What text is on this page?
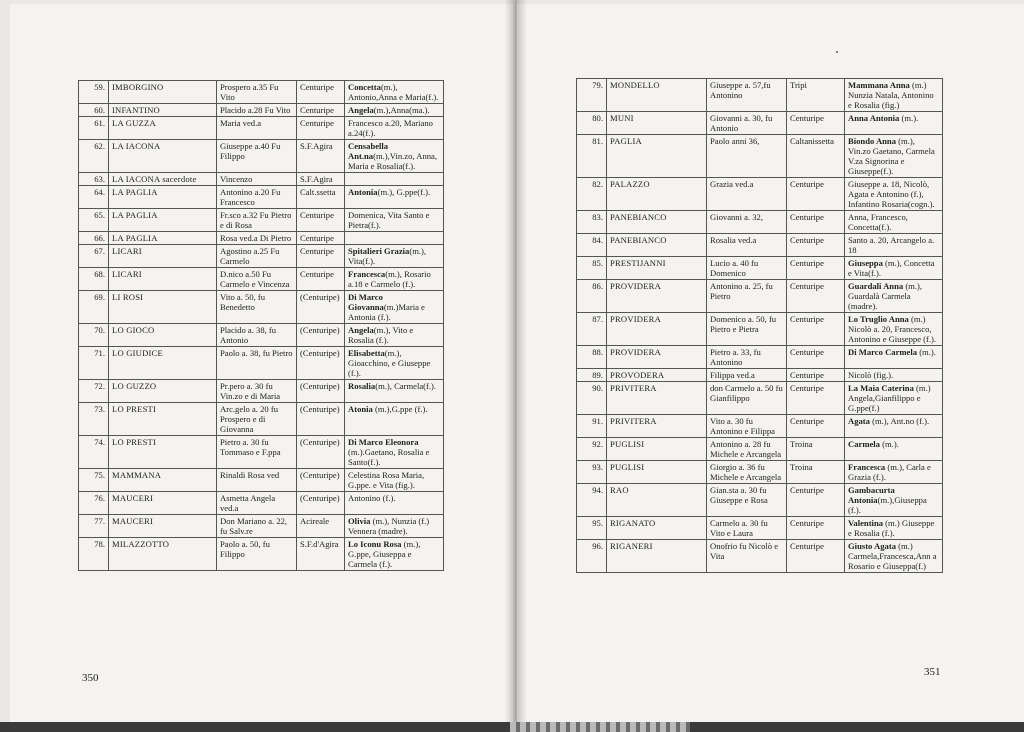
59.	IMBORGINO	Prospero a.35 Fu Vito	Centuripe	Concetta(m.), Antonio,Anna e Maria(f.).
60.	INFANTINO	Placido a.28 Fu Vito	Centuripe	Angela(m.),Anna(ma.).
61.	LA GUZZA	Maria ved.a	Centuripe	Francesco a.20, Mariano a.24(f.).
62.	LA IACONA	Giuseppe a.40 Fu Filippo	S.F.Agira	Censabella Ant.na(m.),Vin.zo, Anna, Maria e Rosalia(f.).
63.	LA IACONA sacerdote	Vincenzo	S.F.Agira	
64.	LA PAGLIA	Antonino a.20 Fu Francesco	Calt.ssetta	Antonia(m.), G.ppe(f.).
65.	LA PAGLIA	Fr.sco a.32 Fu Pietro e di Rosa	Centuripe	Domenica, Vita Santo e Pietra(f.).
66.	LA PAGLIA	Rosa ved.a Di Pietro	Centuripe	
67.	LICARI	Agostino a.25 Fu Carmelo	Centuripe	Spitalieri Grazia(m.), Vita(f.).
68.	LICARI	D.nico a.50 Fu Carmelo e Vincenza	Centuripe	Francesca(m.), Rosario a.18 e Carmelo (f.).
69.	LI ROSI	Vito a. 50, fu Benedetto	(Centuripe)	Di Marco Giovanna(m.)Maria e Antonia (f.).
70.	LO GIOCO	Placido a. 38, fu Antonio	(Centuripe)	Angela(m.), Vito e Rosalia (f.).
71.	LO GIUDICE	Paolo a. 38, fu Pietro	(Centuripe)	Elisabetta(m.), Gioacchino, e Giuseppe (f.).
72.	LO GUZZO	Pr.pero a. 30 fu Vin.zo e di Maria	(Centuripe)	Rosalia(m.), Carmela(f.).
73.	LO PRESTI	Arc.gelo a. 20 fu Prospero e di Giovanna	(Centuripe)	Atonia (m.),G.ppe (f.).
74.	LO PRESTI	Pietro a. 30 fu Tommaso e F.ppa	(Centuripe)	Di Marco Eleonora (m.).Gaetano, Rosalia e Santo(f.).
75.	MAMMANA	Rinaldi Rosa ved	(Centuripe)	Celestina Rosa Maria, G.ppe. e Vita (fig.).
76.	MAUCERI	Asmetta Angela ved.a	(Centuripe)	Antonino (f.).
77.	MAUCERI	Don Mariano a. 22, fu Salv.re	Acireale	Olivia (m.), Nunzia (f.) Vennera (madre).
78.	MILAZZOTTO	Paolo a. 50, fu Filippo	S.F.d'Agira	Lo Iconu Rosa (m.), G.ppe, Giuseppa e Carmela (f.).
350
79.	MONDELLO	Giuseppe a. 57,fu Antonino	Tripi	Mammana Anna (m.) Nunzia Natala, Antonino e Rosalia (fig.)
80.	MUNI	Giovanni a. 30, fu Antonio	Centuripe	Anna Antonia (m.).
81.	PAGLIA	Paolo anni 36,	Caltanissetta	Biondo Anna (m.), Vin.zo Gaetano, Carmela V.za Signorina e Giuseppe(f.).
82.	PALAZZO	Grazia ved.a	Centuripe	Giuseppe a. 18, Nicolò, Agata e Antonino (f.), Infantino Rosaria(cogn.).
83.	PANEBIANCO	Giovanni a. 32,	Centuripe	Anna, Francesco, Concetta(f.).
84.	PANEBIANCO	Rosalia ved.a	Centuripe	Santo a. 20, Arcangelo a. 18
85.	PRESTIJANNI	Lucio a. 40 fu Domenico	Centuripe	Giuseppa (m.), Concetta e Vita(f.).
86.	PROVIDERA	Antonino a. 25, fu Pietro	Centuripe	Guardali Anna (m.), Guardalà Carmela (madre).
87.	PROVIDERA	Domenico a. 50, fu Pietro e Pietra	Centuripe	Lo Truglio Anna (m.) Nicolò a. 20, Francesco, Antonino e Giuseppe (f.).
88.	PROVIDERA	Pietro a. 33, fu Antonino	Centuripe	Di Marco Carmela (m.).
89.	PROVODERA	Filippa ved.a	Centuripe	Nicolò (fig.).
90.	PRIVITERA	don Carmelo a. 50 fu Gianfilippo	Centuripe	La Maia Caterina (m.) Angela,Gianfilippo e G.ppe(f.)
91.	PRIVITERA	Vito a. 30 fu Antonino e Filippa	Centuripe	Agata (m.), Ant.no (f.).
92.	PUGLISI	Antonino a. 28 fu Michele e Arcangela	Troina	Carmela (m.).
93.	PUGLISI	Giorgio a. 36 fu Michele e Arcangela	Troina	Francesca (m.), Carla e Grazia (f.).
94.	RAO	Gian.sta a. 30 fu Giuseppe e Rosa	Centuripe	Gambacurta Antonia(m.),Giuseppa (f.).
95.	RIGANATO	Carmelo a. 30 fu Vito e Laura	Centuripe	Valentina (m.) Giuseppe e Rosalia (f.).
96.	RIGANERI	Onofrio fu Nicolò e Vita	Centuripe	Giusto Agata (m.) Carmela,Francesca,Ann a Rosario e Giuseppa(f.)
351
